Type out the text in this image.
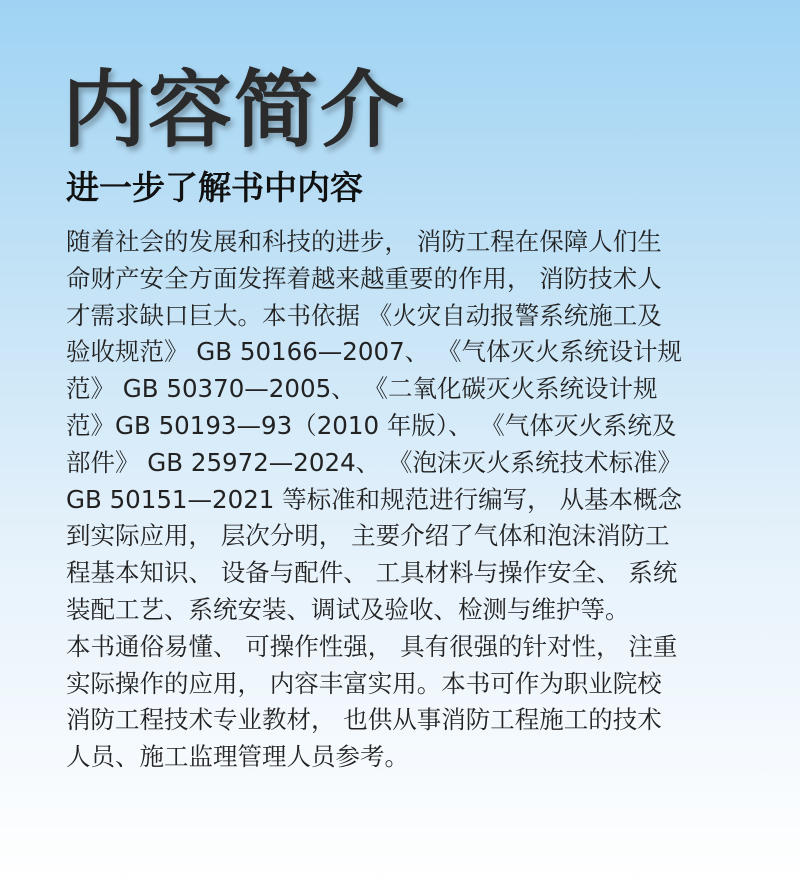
内容简介
进一步了解书中内容
随着社会的发展和科技的进步， 消防工程在保障人们生
命财产安全方面发挥着越来越重要的作用， 消防技术人
才需求缺口巨大。本书依据 《火灾自动报警系统施工及
验收规范》 GB 50166—2007、 《气体灭火系统设计规
范》 GB 50370—2005、 《二氧化碳灭火系统设计规
范》GB 50193—93（2010 年版）、 《气体灭火系统及
部件》 GB 25972—2024、 《泡沫灭火系统技术标准》
GB 50151—2021 等标准和规范进行编写， 从基本概念
到实际应用， 层次分明， 主要介绍了气体和泡沫消防工
程基本知识、 设备与配件、 工具材料与操作安全、 系统
装配工艺、系统安装、调试及验收、检测与维护等。
本书通俗易懂、 可操作性强， 具有很强的针对性， 注重
实际操作的应用， 内容丰富实用。本书可作为职业院校
消防工程技术专业教材， 也供从事消防工程施工的技术
人员、施工监理管理人员参考。
